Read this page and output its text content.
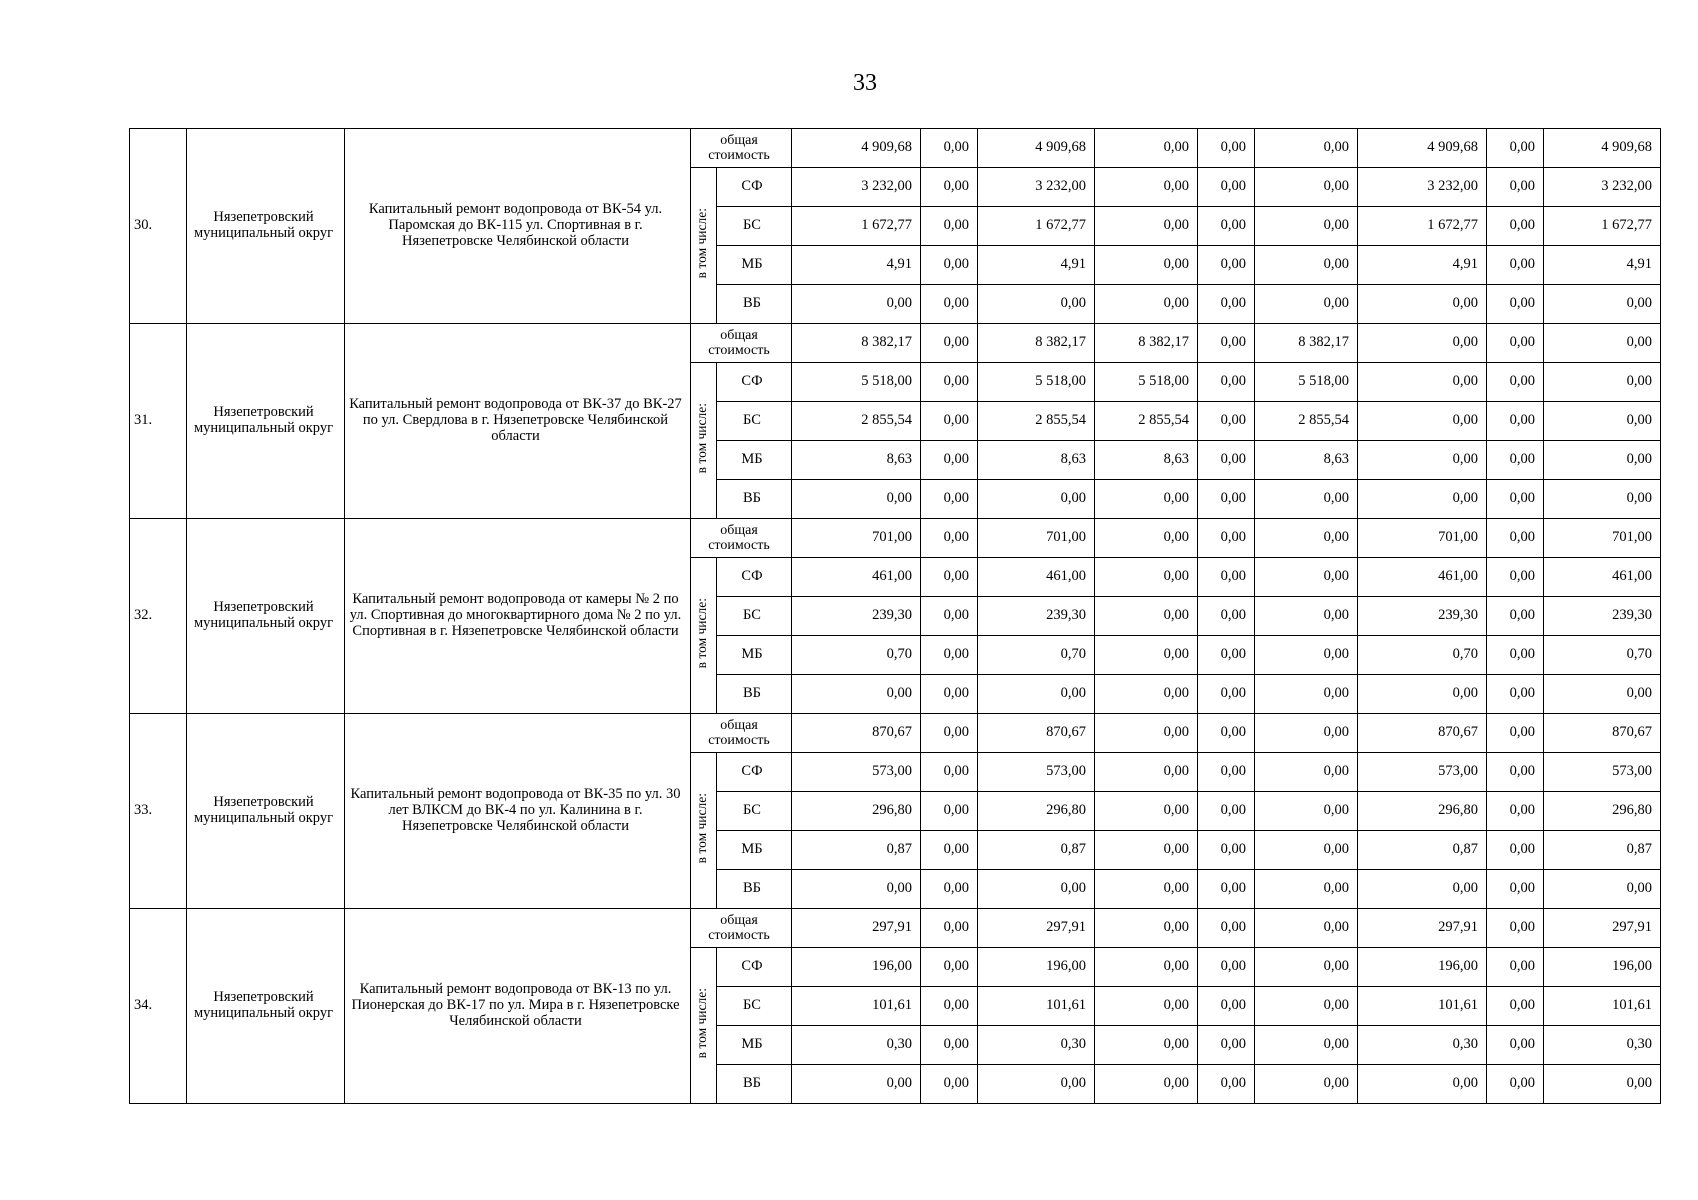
33
30.	Нязепетровский муниципальный округ	Капитальный ремонт водопровода от ВК-54 ул. Паромская до ВК-115 ул. Спортивная в г. Нязепетровске Челябинской области	общая стоимость		4 909,68	0,00	4 909,68	0,00	0,00	0,00	4 909,68	0,00	4 909,68
			в том числе:	СФ	3 232,00	0,00	3 232,00	0,00	0,00	0,00	3 232,00	0,00	3 232,00
				БС	1 672,77	0,00	1 672,77	0,00	0,00	0,00	1 672,77	0,00	1 672,77
				МБ	4,91	0,00	4,91	0,00	0,00	0,00	4,91	0,00	4,91
				ВБ	0,00	0,00	0,00	0,00	0,00	0,00	0,00	0,00	0,00
31.	Нязепетровский муниципальный округ	Капитальный ремонт водопровода от ВК-37 до ВК-27 по ул. Свердлова в г. Нязепетровске Челябинской области	общая стоимость		8 382,17	0,00	8 382,17	8 382,17	0,00	8 382,17	0,00	0,00	0,00
			в том числе:	СФ	5 518,00	0,00	5 518,00	5 518,00	0,00	5 518,00	0,00	0,00	0,00
				БС	2 855,54	0,00	2 855,54	2 855,54	0,00	2 855,54	0,00	0,00	0,00
				МБ	8,63	0,00	8,63	8,63	0,00	8,63	0,00	0,00	0,00
				ВБ	0,00	0,00	0,00	0,00	0,00	0,00	0,00	0,00	0,00
32.	Нязепетровский муниципальный округ	Капитальный ремонт водопровода от камеры № 2 по ул. Спортивная до многоквартирного дома № 2 по ул. Спортивная в г. Нязепетровске Челябинской области	общая стоимость		701,00	0,00	701,00	0,00	0,00	0,00	701,00	0,00	701,00
			в том числе:	СФ	461,00	0,00	461,00	0,00	0,00	0,00	461,00	0,00	461,00
				БС	239,30	0,00	239,30	0,00	0,00	0,00	239,30	0,00	239,30
				МБ	0,70	0,00	0,70	0,00	0,00	0,00	0,70	0,00	0,70
				ВБ	0,00	0,00	0,00	0,00	0,00	0,00	0,00	0,00	0,00
33.	Нязепетровский муниципальный округ	Капитальный ремонт водопровода от ВК-35 по ул. 30 лет ВЛКСМ до ВК-4 по ул. Калинина в г. Нязепетровске Челябинской области	общая стоимость		870,67	0,00	870,67	0,00	0,00	0,00	870,67	0,00	870,67
			в том числе:	СФ	573,00	0,00	573,00	0,00	0,00	0,00	573,00	0,00	573,00
				БС	296,80	0,00	296,80	0,00	0,00	0,00	296,80	0,00	296,80
				МБ	0,87	0,00	0,87	0,00	0,00	0,00	0,87	0,00	0,87
				ВБ	0,00	0,00	0,00	0,00	0,00	0,00	0,00	0,00	0,00
34.	Нязепетровский муниципальный округ	Капитальный ремонт водопровода от ВК-13 по ул. Пионерская до ВК-17 по ул. Мира в г. Нязепетровске Челябинской области	общая стоимость		297,91	0,00	297,91	0,00	0,00	0,00	297,91	0,00	297,91
			в том числе:	СФ	196,00	0,00	196,00	0,00	0,00	0,00	196,00	0,00	196,00
				БС	101,61	0,00	101,61	0,00	0,00	0,00	101,61	0,00	101,61
				МБ	0,30	0,00	0,30	0,00	0,00	0,00	0,30	0,00	0,30
				ВБ	0,00	0,00	0,00	0,00	0,00	0,00	0,00	0,00	0,00
